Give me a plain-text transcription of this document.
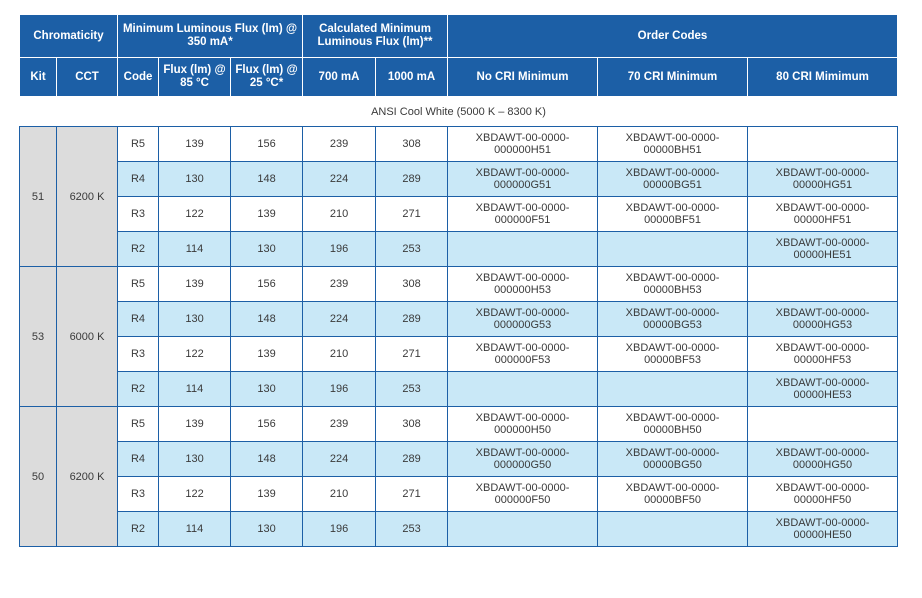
Chromaticity		Minimum Luminous Flux (lm) @ 350 mA*			Calculated Minimum Luminous Flux (lm)**		Order Codes		
Kit	CCT	Code	Flux (lm) @ 85 °C	Flux (lm) @ 25 °C*	700 mA	1000 mA	No CRI Minimum	70 CRI Minimum	80 CRI Mimimum
ANSI Cool White (5000 K – 8300 K)									
51	6200 K	R5	139	156	239	308	XBDAWT-00-0000-000000H51	XBDAWT-00-0000-00000BH51	
		R4	130	148	224	289	XBDAWT-00-0000-000000G51	XBDAWT-00-0000-00000BG51	XBDAWT-00-0000-00000HG51
		R3	122	139	210	271	XBDAWT-00-0000-000000F51	XBDAWT-00-0000-00000BF51	XBDAWT-00-0000-00000HF51
		R2	114	130	196	253			XBDAWT-00-0000-00000HE51
53	6000 K	R5	139	156	239	308	XBDAWT-00-0000-000000H53	XBDAWT-00-0000-00000BH53	
		R4	130	148	224	289	XBDAWT-00-0000-000000G53	XBDAWT-00-0000-00000BG53	XBDAWT-00-0000-00000HG53
		R3	122	139	210	271	XBDAWT-00-0000-000000F53	XBDAWT-00-0000-00000BF53	XBDAWT-00-0000-00000HF53
		R2	114	130	196	253			XBDAWT-00-0000-00000HE53
50	6200 K	R5	139	156	239	308	XBDAWT-00-0000-000000H50	XBDAWT-00-0000-00000BH50	
		R4	130	148	224	289	XBDAWT-00-0000-000000G50	XBDAWT-00-0000-00000BG50	XBDAWT-00-0000-00000HG50
		R3	122	139	210	271	XBDAWT-00-0000-000000F50	XBDAWT-00-0000-00000BF50	XBDAWT-00-0000-00000HF50
		R2	114	130	196	253			XBDAWT-00-0000-00000HE50
